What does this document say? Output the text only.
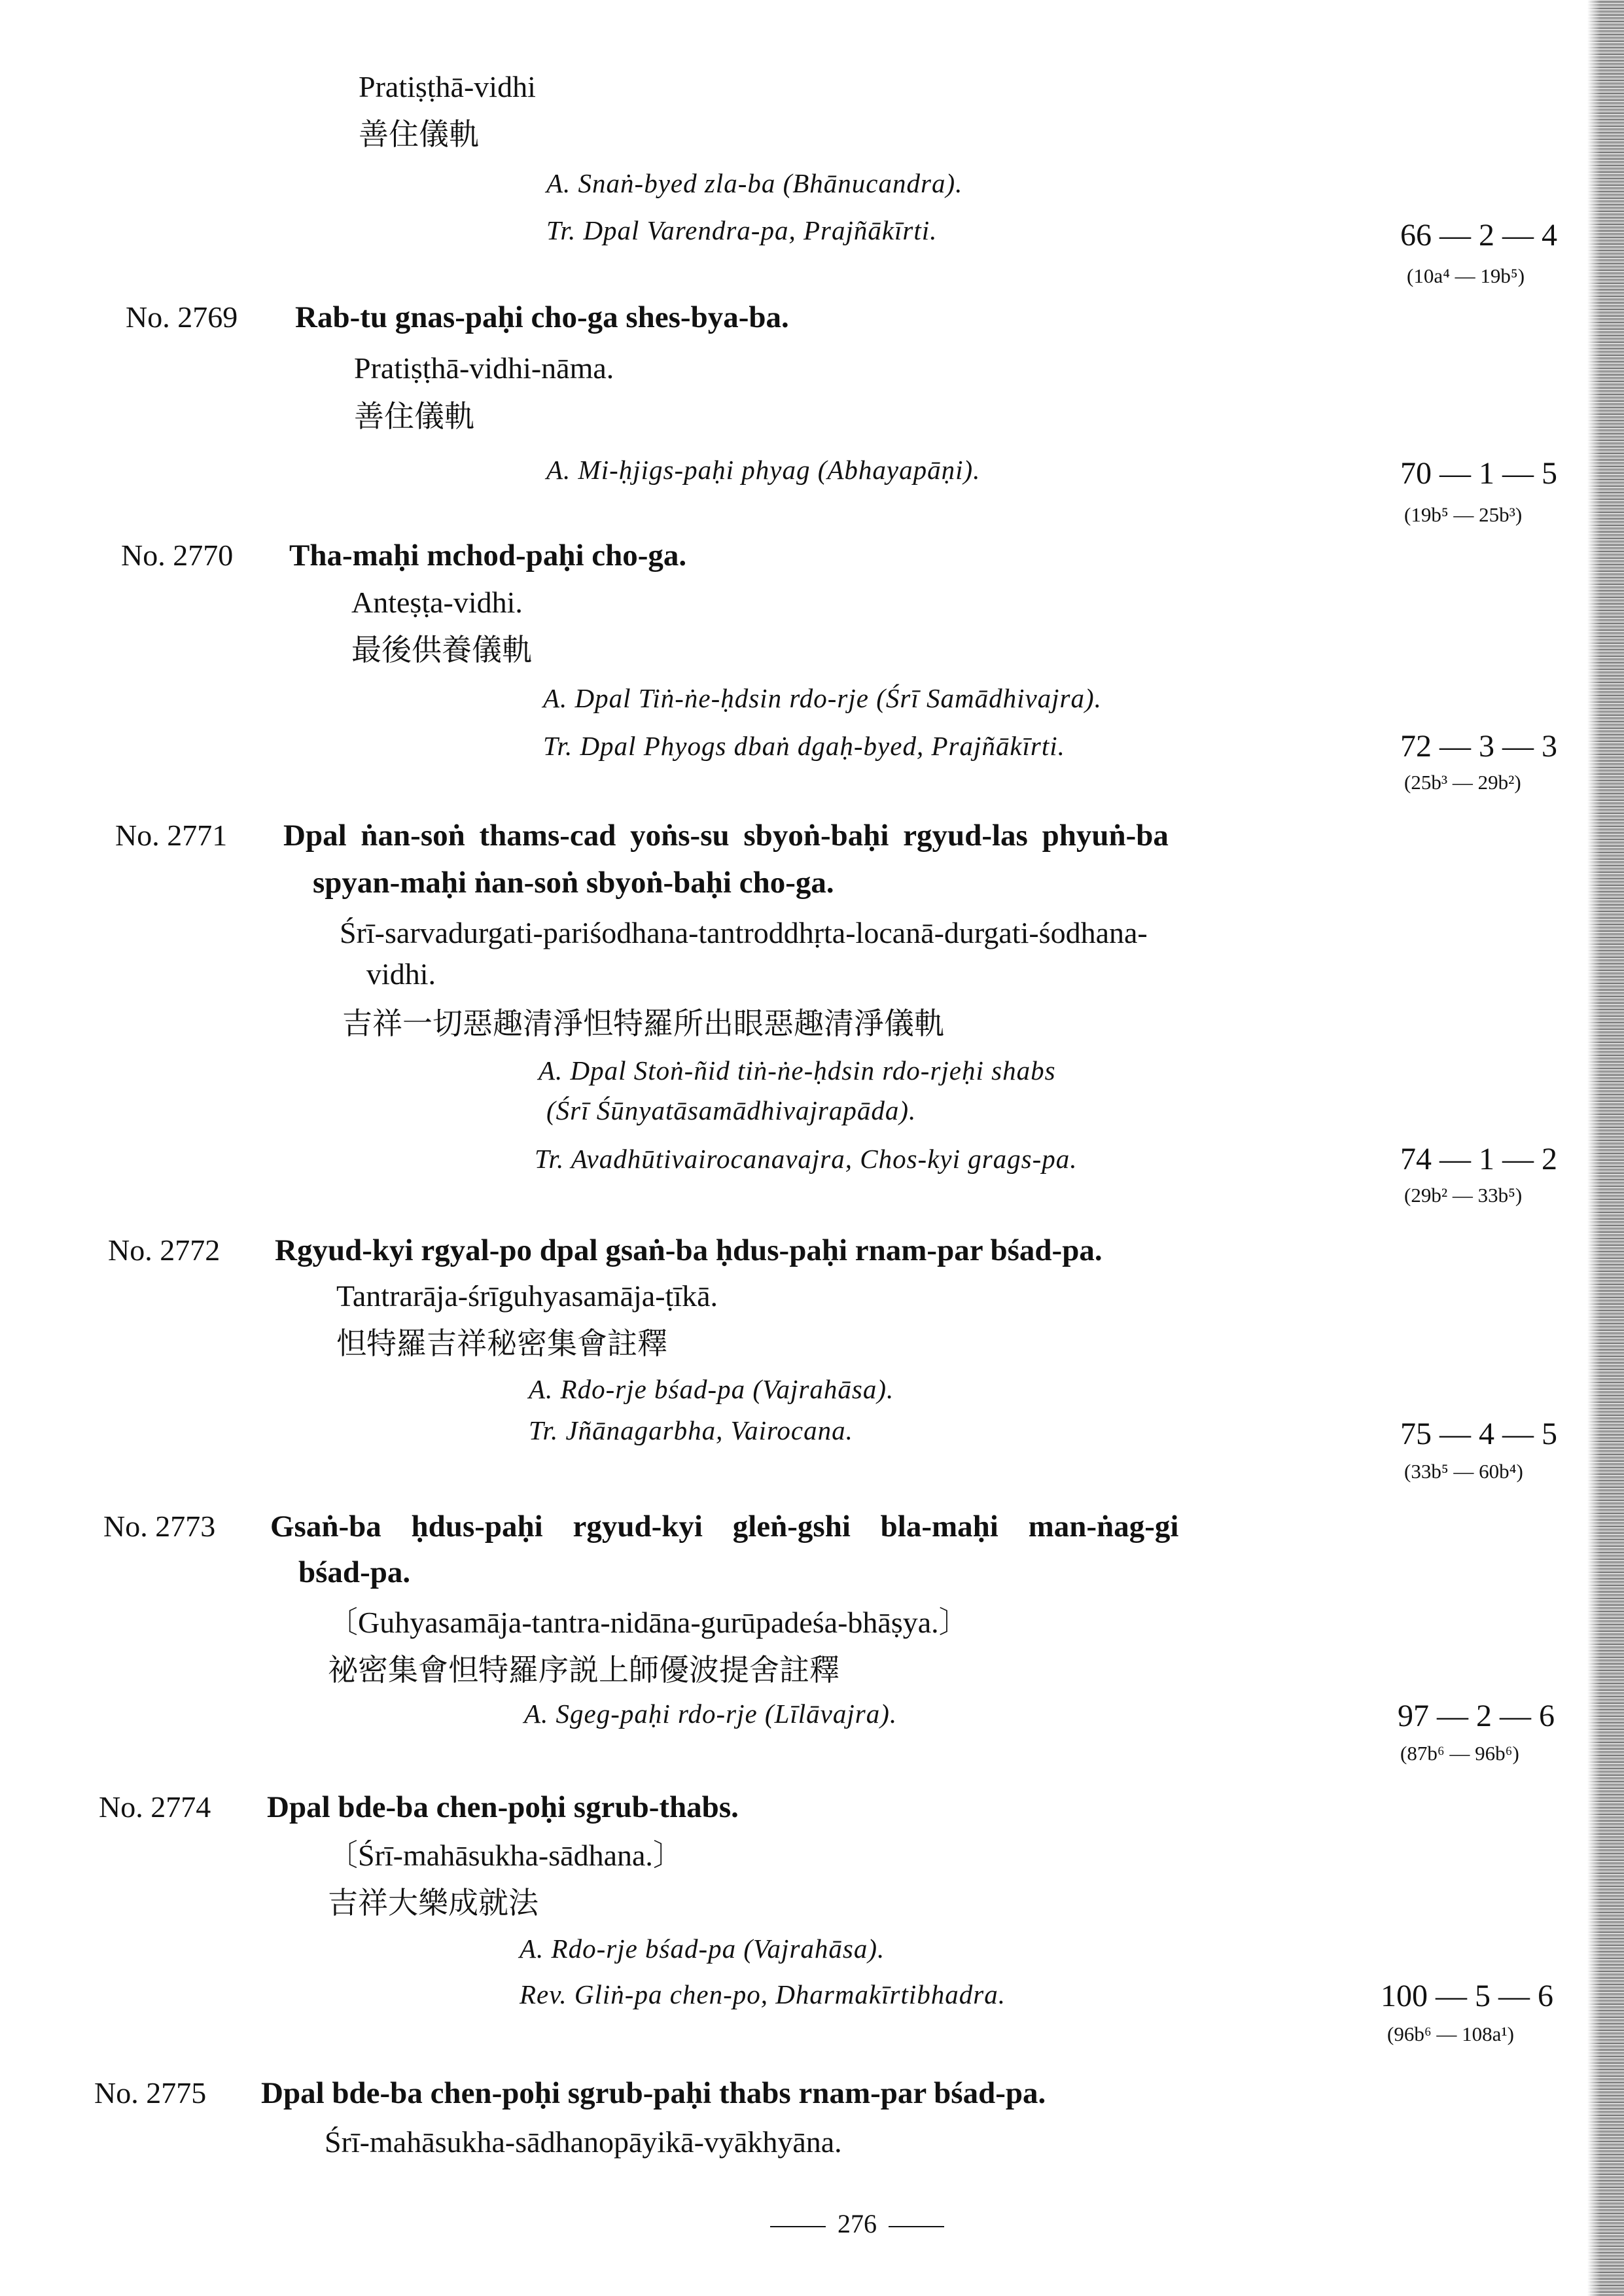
Pratiṣṭhā-vidhi
善住儀軌
A. Snaṅ-byed zla-ba (Bhānucandra).
Tr. Dpal Varendra-pa, Prajñākīrti.	66 — 2 — 4
(10a⁴ — 19b⁵)
No. 2769 Rab-tu gnas-paḥi cho-ga shes-bya-ba.
Pratiṣṭhā-vidhi-nāma.
善住儀軌
A. Mi-ḥjigs-paḥi phyag (Abhayapāṇi).	70 — 1 — 5
(19b⁵ — 25b³)
No. 2770 Tha-maḥi mchod-paḥi cho-ga.
Anteṣṭa-vidhi.
最後供養儀軌
A. Dpal Tiṅ-ṅe-ḥdsin rdo-rje (Śrī Samādhivajra).
Tr. Dpal Phyogs dbaṅ dgaḥ-byed, Prajñākīrti.	72 — 3 — 3
(25b³ — 29b²)
No. 2771 Dpal ṅan-soṅ thams-cad yoṅs-su sbyoṅ-baḥi rgyud-las phyuṅ-ba
spyan-maḥi ṅan-soṅ sbyoṅ-baḥi cho-ga.
Śrī-sarvadurgati-pariśodhana-tantroddhṛta-locanā-durgati-śodhana-
vidhi.
吉祥一切惡趣清淨怛特羅所出眼惡趣清淨儀軌
A. Dpal Stoṅ-ñid tiṅ-ṅe-ḥdsin rdo-rjeḥi shabs
(Śrī Śūnyatāsamādhivajrapāda).
Tr. Avadhūtivairocanavajra, Chos-kyi grags-pa.	74 — 1 — 2
(29b² — 33b⁵)
No. 2772 Rgyud-kyi rgyal-po dpal gsaṅ-ba ḥdus-paḥi rnam-par bśad-pa.
Tantrarāja-śrīguhyasamāja-ṭīkā.
怛特羅吉祥秘密集會註釋
A. Rdo-rje bśad-pa (Vajrahāsa).
Tr. Jñānagarbha, Vairocana.	75 — 4 — 5
(33b⁵ — 60b⁴)
No. 2773 Gsaṅ-ba ḥdus-paḥi rgyud-kyi gleṅ-gshi bla-maḥi man-ṅag-gi
bśad-pa.
〔Guhyasamāja-tantra-nidāna-gurūpadeśa-bhāṣya.〕
祕密集會怛特羅序説上師優波提舍註釋
A. Sgeg-paḥi rdo-rje (Līlāvajra).	97 — 2 — 6
(87b⁶ — 96b⁶)
No. 2774 Dpal bde-ba chen-poḥi sgrub-thabs.
〔Śrī-mahāsukha-sādhana.〕
吉祥大樂成就法
A. Rdo-rje bśad-pa (Vajrahāsa).
Rev. Gliṅ-pa chen-po, Dharmakīrtibhadra.	100 — 5 — 6
(96b⁶ — 108a¹)
No. 2775 Dpal bde-ba chen-poḥi sgrub-paḥi thabs rnam-par bśad-pa.
Śrī-mahāsukha-sādhanopāyikā-vyākhyāna.
276
